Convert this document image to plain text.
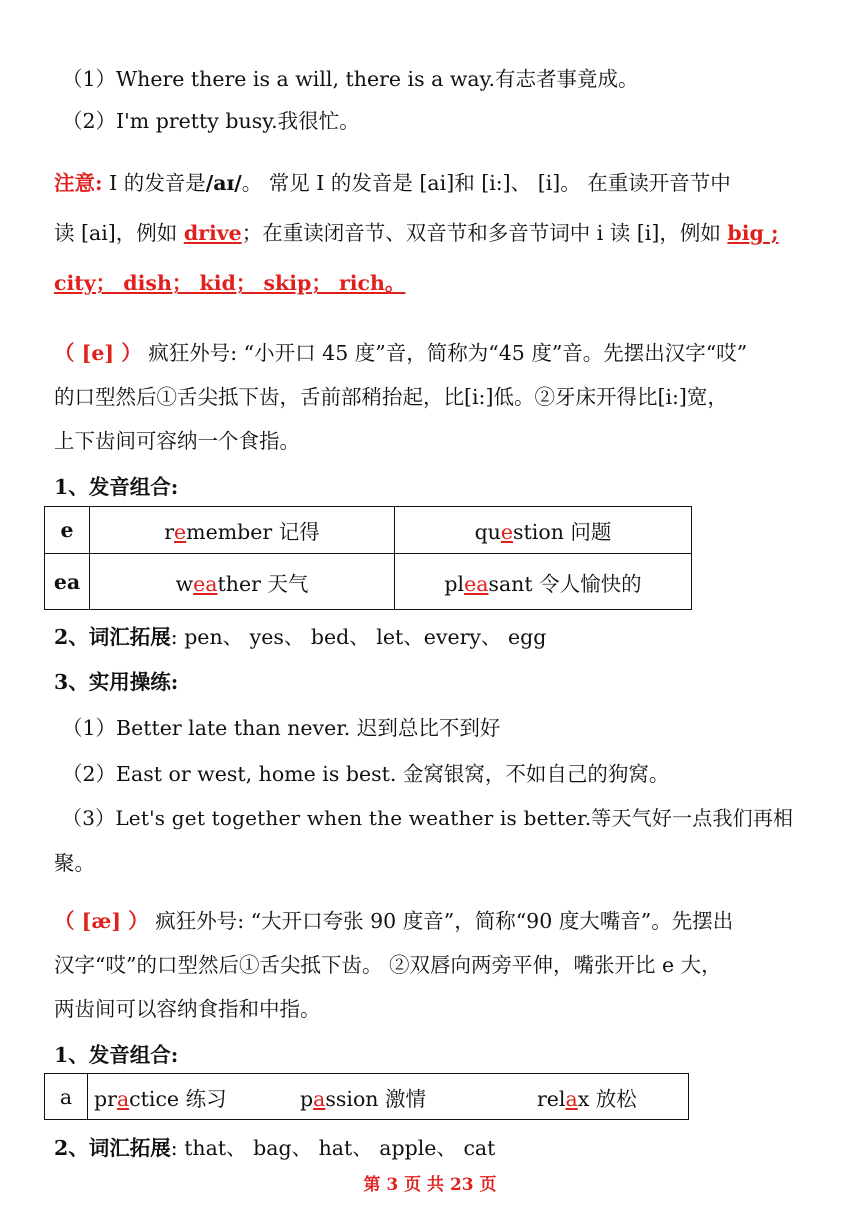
（1）Where there is a will, there is a way.有志者事竟成。
（2）I'm pretty busy.我很忙。
注意: I 的发音是/aɪ/。 常见 I 的发音是 [ai]和 [i:]、 [i]。 在重读开音节中
读 [ai]，例如 drive；在重读闭音节、双音节和多音节词中 i 读 [i]，例如 big ;
city； dish； kid； skip； rich。
（ [e] ） 疯狂外号: “小开口 45 度”音，简称为“45 度”音。先摆出汉字“哎”
的口型然后①舌尖抵下齿，舌前部稍抬起，比[i:]低。②牙床开得比[i:]宽，
上下齿间可容纳一个食指。
1、发音组合:
e	remember 记得	question 问题
ea	weather 天气	pleasant 令人愉快的
2、词汇拓展: pen、 yes、 bed、 let、every、 egg
3、实用操练:
（1）Better late than never. 迟到总比不到好
（2）East or west, home is best. 金窝银窝，不如自己的狗窝。
（3）Let's get together when the weather is better.等天气好一点我们再相
聚。
（ [æ] ） 疯狂外号: “大开口夸张 90 度音”，简称“90 度大嘴音”。先摆出
汉字“哎”的口型然后①舌尖抵下齿。 ②双唇向两旁平伸，嘴张开比 e 大，
两齿间可以容纳食指和中指。
1、发音组合:
a	practice 练习	passion 激情	relax 放松
2、词汇拓展: that、 bag、 hat、 apple、 cat
第 3 页 共 23 页
